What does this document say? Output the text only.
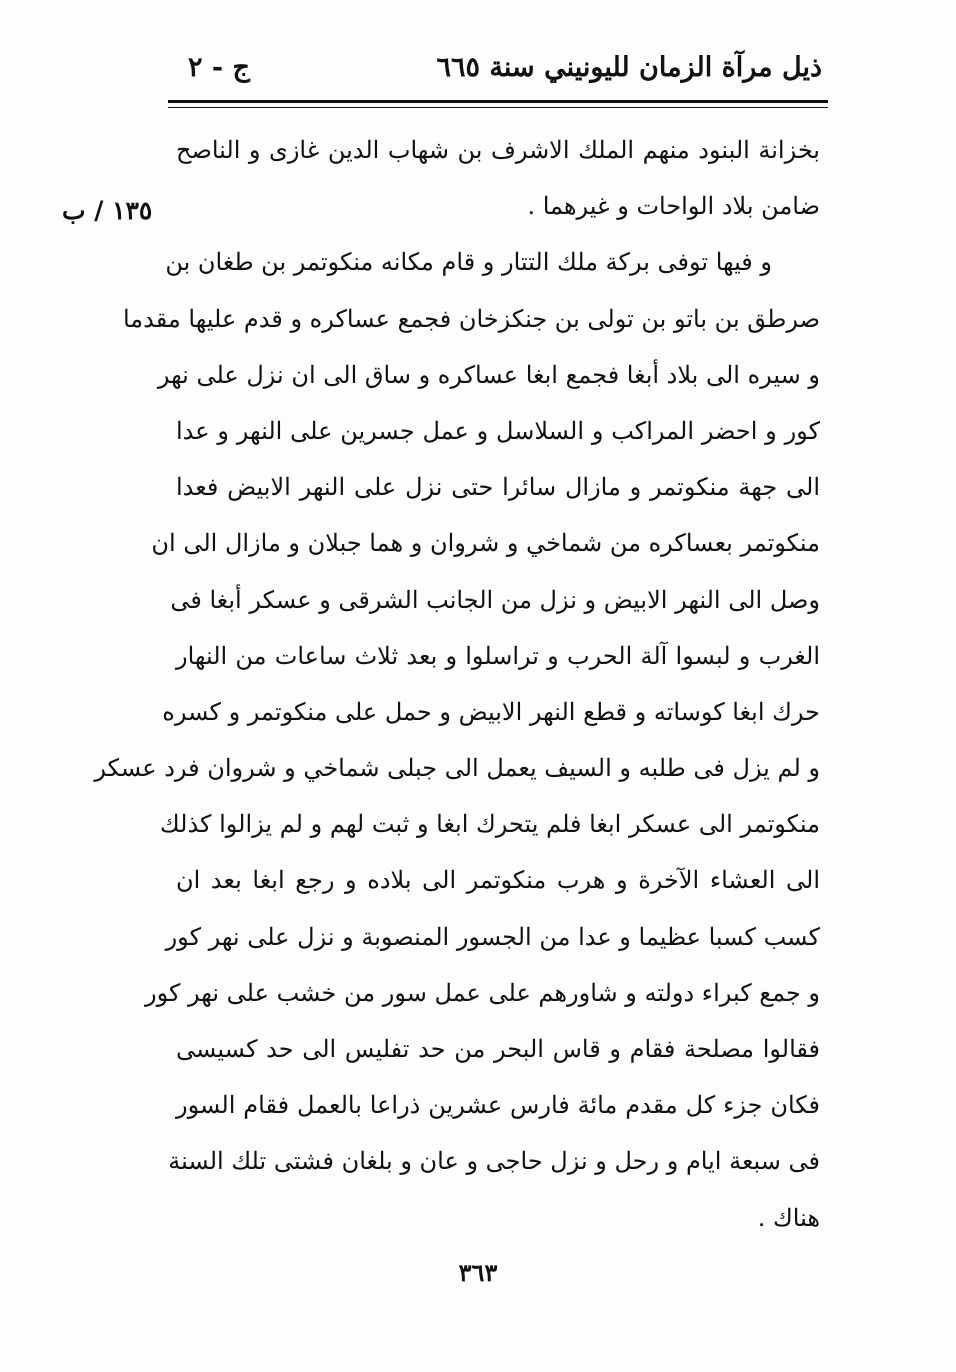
ذيل مرآة الزمان لليونيني سنة ٦٦٥
ج - ٢
١٣٥ / ب
بخزانة البنود منهم الملك الاشرف بن شهاب الدين غازى و الناصح
ضامن بلاد الواحات و غيرهما .
و فيها توفى بركة ملك التتار و قام مكانه منكوتمر بن طغان بن
صرطق بن باتو بن تولى بن جنكزخان فجمع عساكره و قدم عليها مقدما
و سيره الى بلاد أبغا فجمع ابغا عساكره و ساق الى ان نزل على نهر
كور و احضر المراكب و السلاسل و عمل جسرين على النهر و عدا
الى جهة منكوتمر و مازال سائرا حتى نزل على النهر الابيض فعدا
منكوتمر بعساكره من شماخي و شروان و هما جبلان و مازال الى ان
وصل الى النهر الابيض و نزل من الجانب الشرقى و عسكر أبغا فى
الغرب و لبسوا آلة الحرب و تراسلوا و بعد ثلاث ساعات من النهار
حرك ابغا كوساته و قطع النهر الابيض و حمل على منكوتمر و كسره
و لم يزل فى طلبه و السيف يعمل الى جبلى شماخي و شروان فرد عسكر
منكوتمر الى عسكر ابغا فلم يتحرك ابغا و ثبت لهم و لم يزالوا كذلك
الى العشاء الآخرة و هرب منكوتمر الى بلاده و رجع ابغا بعد ان
كسب كسبا عظيما و عدا من الجسور المنصوبة و نزل على نهر كور
و جمع كبراء دولته و شاورهم على عمل سور من خشب على نهر كور
فقالوا مصلحة فقام و قاس البحر من حد تفليس الى حد كسيسى
فكان جزء كل مقدم مائة فارس عشرين ذراعا بالعمل فقام السور
فى سبعة ايام و رحل و نزل حاجى و عان و بلغان فشتى تلك السنة
هناك .
٣٦٣
